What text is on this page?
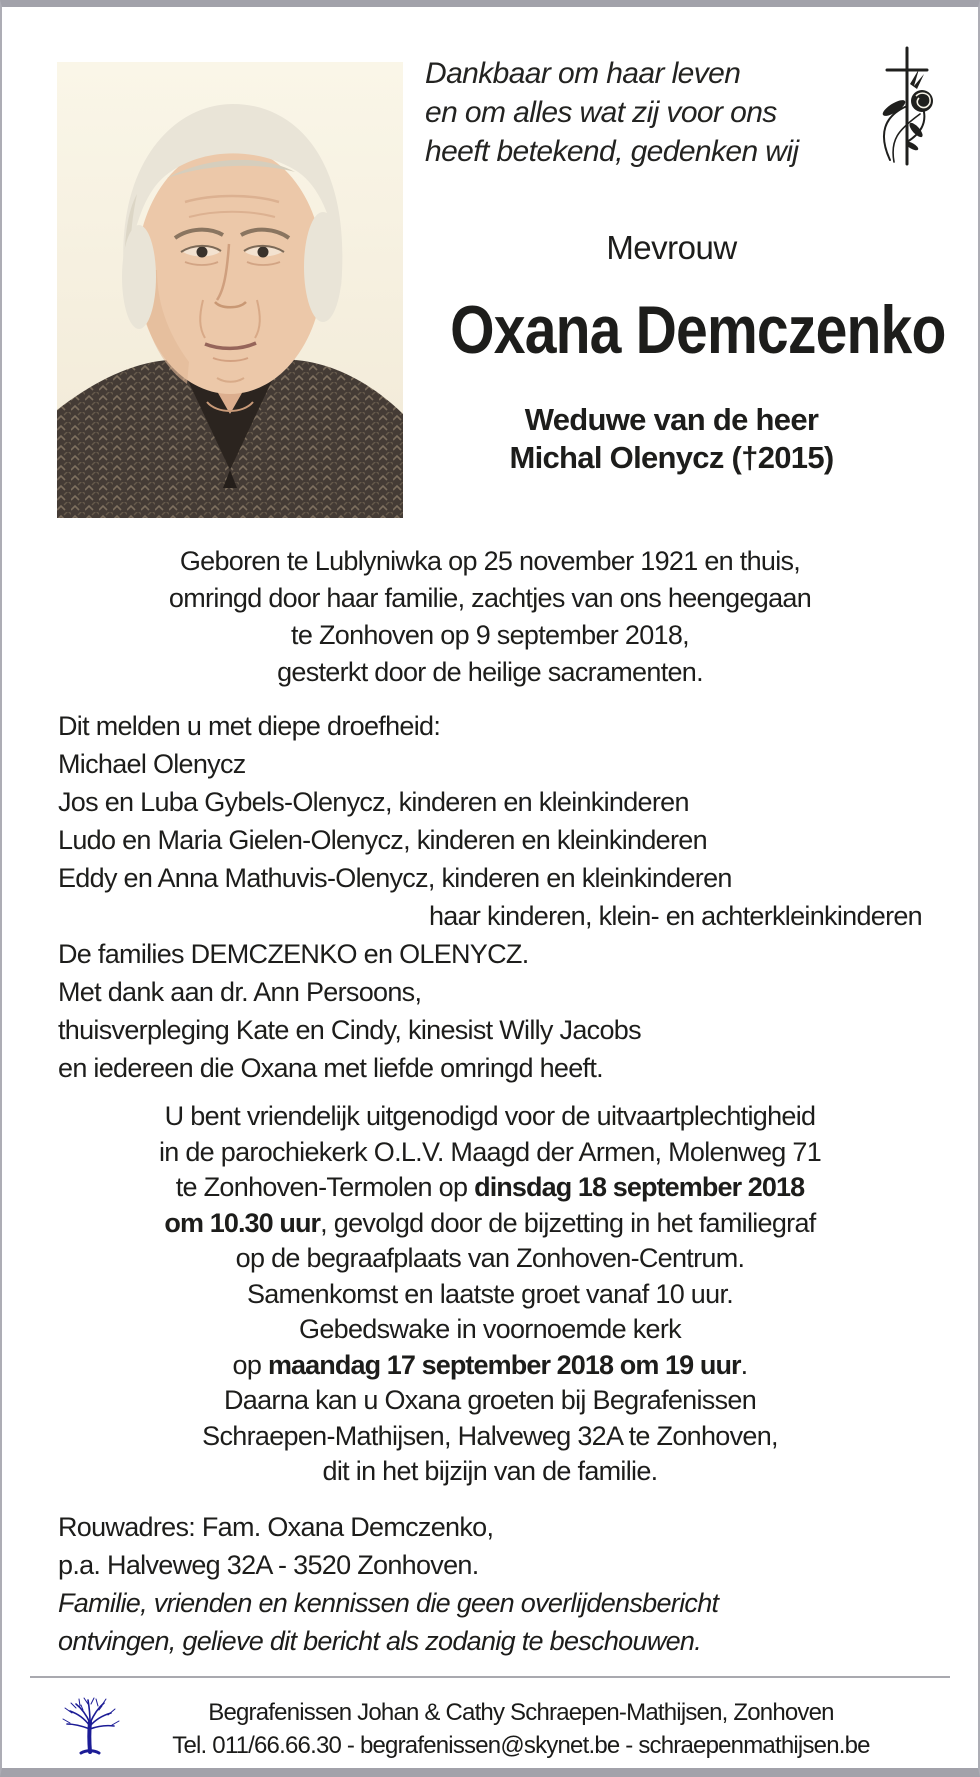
Dankbaar om haar leven
en om alles wat zij voor ons
heeft betekend, gedenken wij
Mevrouw
Oxana Demczenko
Weduwe van de heer
Michal Olenycz (†2015)
Geboren te Lublyniwka op 25 november 1921 en thuis,
omringd door haar familie, zachtjes van ons heengegaan
te Zonhoven op 9 september 2018,
gesterkt door de heilige sacramenten.
Dit melden u met diepe droefheid:
Michael Olenycz
Jos en Luba Gybels-Olenycz, kinderen en kleinkinderen
Ludo en Maria Gielen-Olenycz, kinderen en kleinkinderen
Eddy en Anna Mathuvis-Olenycz, kinderen en kleinkinderen
haar kinderen, klein- en achterkleinkinderen
De families DEMCZENKO en OLENYCZ.
Met dank aan dr. Ann Persoons,
thuisverpleging Kate en Cindy, kinesist Willy Jacobs
en iedereen die Oxana met liefde omringd heeft.
U bent vriendelijk uitgenodigd voor de uitvaartplechtigheid
in de parochiekerk O.L.V. Maagd der Armen, Molenweg 71
te Zonhoven-Termolen op dinsdag 18 september 2018
om 10.30 uur, gevolgd door de bijzetting in het familiegraf
op de begraafplaats van Zonhoven-Centrum.
Samenkomst en laatste groet vanaf 10 uur.
Gebedswake in voornoemde kerk
op maandag 17 september 2018 om 19 uur.
Daarna kan u Oxana groeten bij Begrafenissen
Schraepen-Mathijsen, Halveweg 32A te Zonhoven,
dit in het bijzijn van de familie.
Rouwadres: Fam. Oxana Demczenko,
p.a. Halveweg 32A - 3520 Zonhoven.
Familie, vrienden en kennissen die geen overlijdensbericht
ontvingen, gelieve dit bericht als zodanig te beschouwen.
Begrafenissen Johan & Cathy Schraepen-Mathijsen, Zonhoven
Tel. 011/66.66.30 - begrafenissen@skynet.be - schraepenmathijsen.be
